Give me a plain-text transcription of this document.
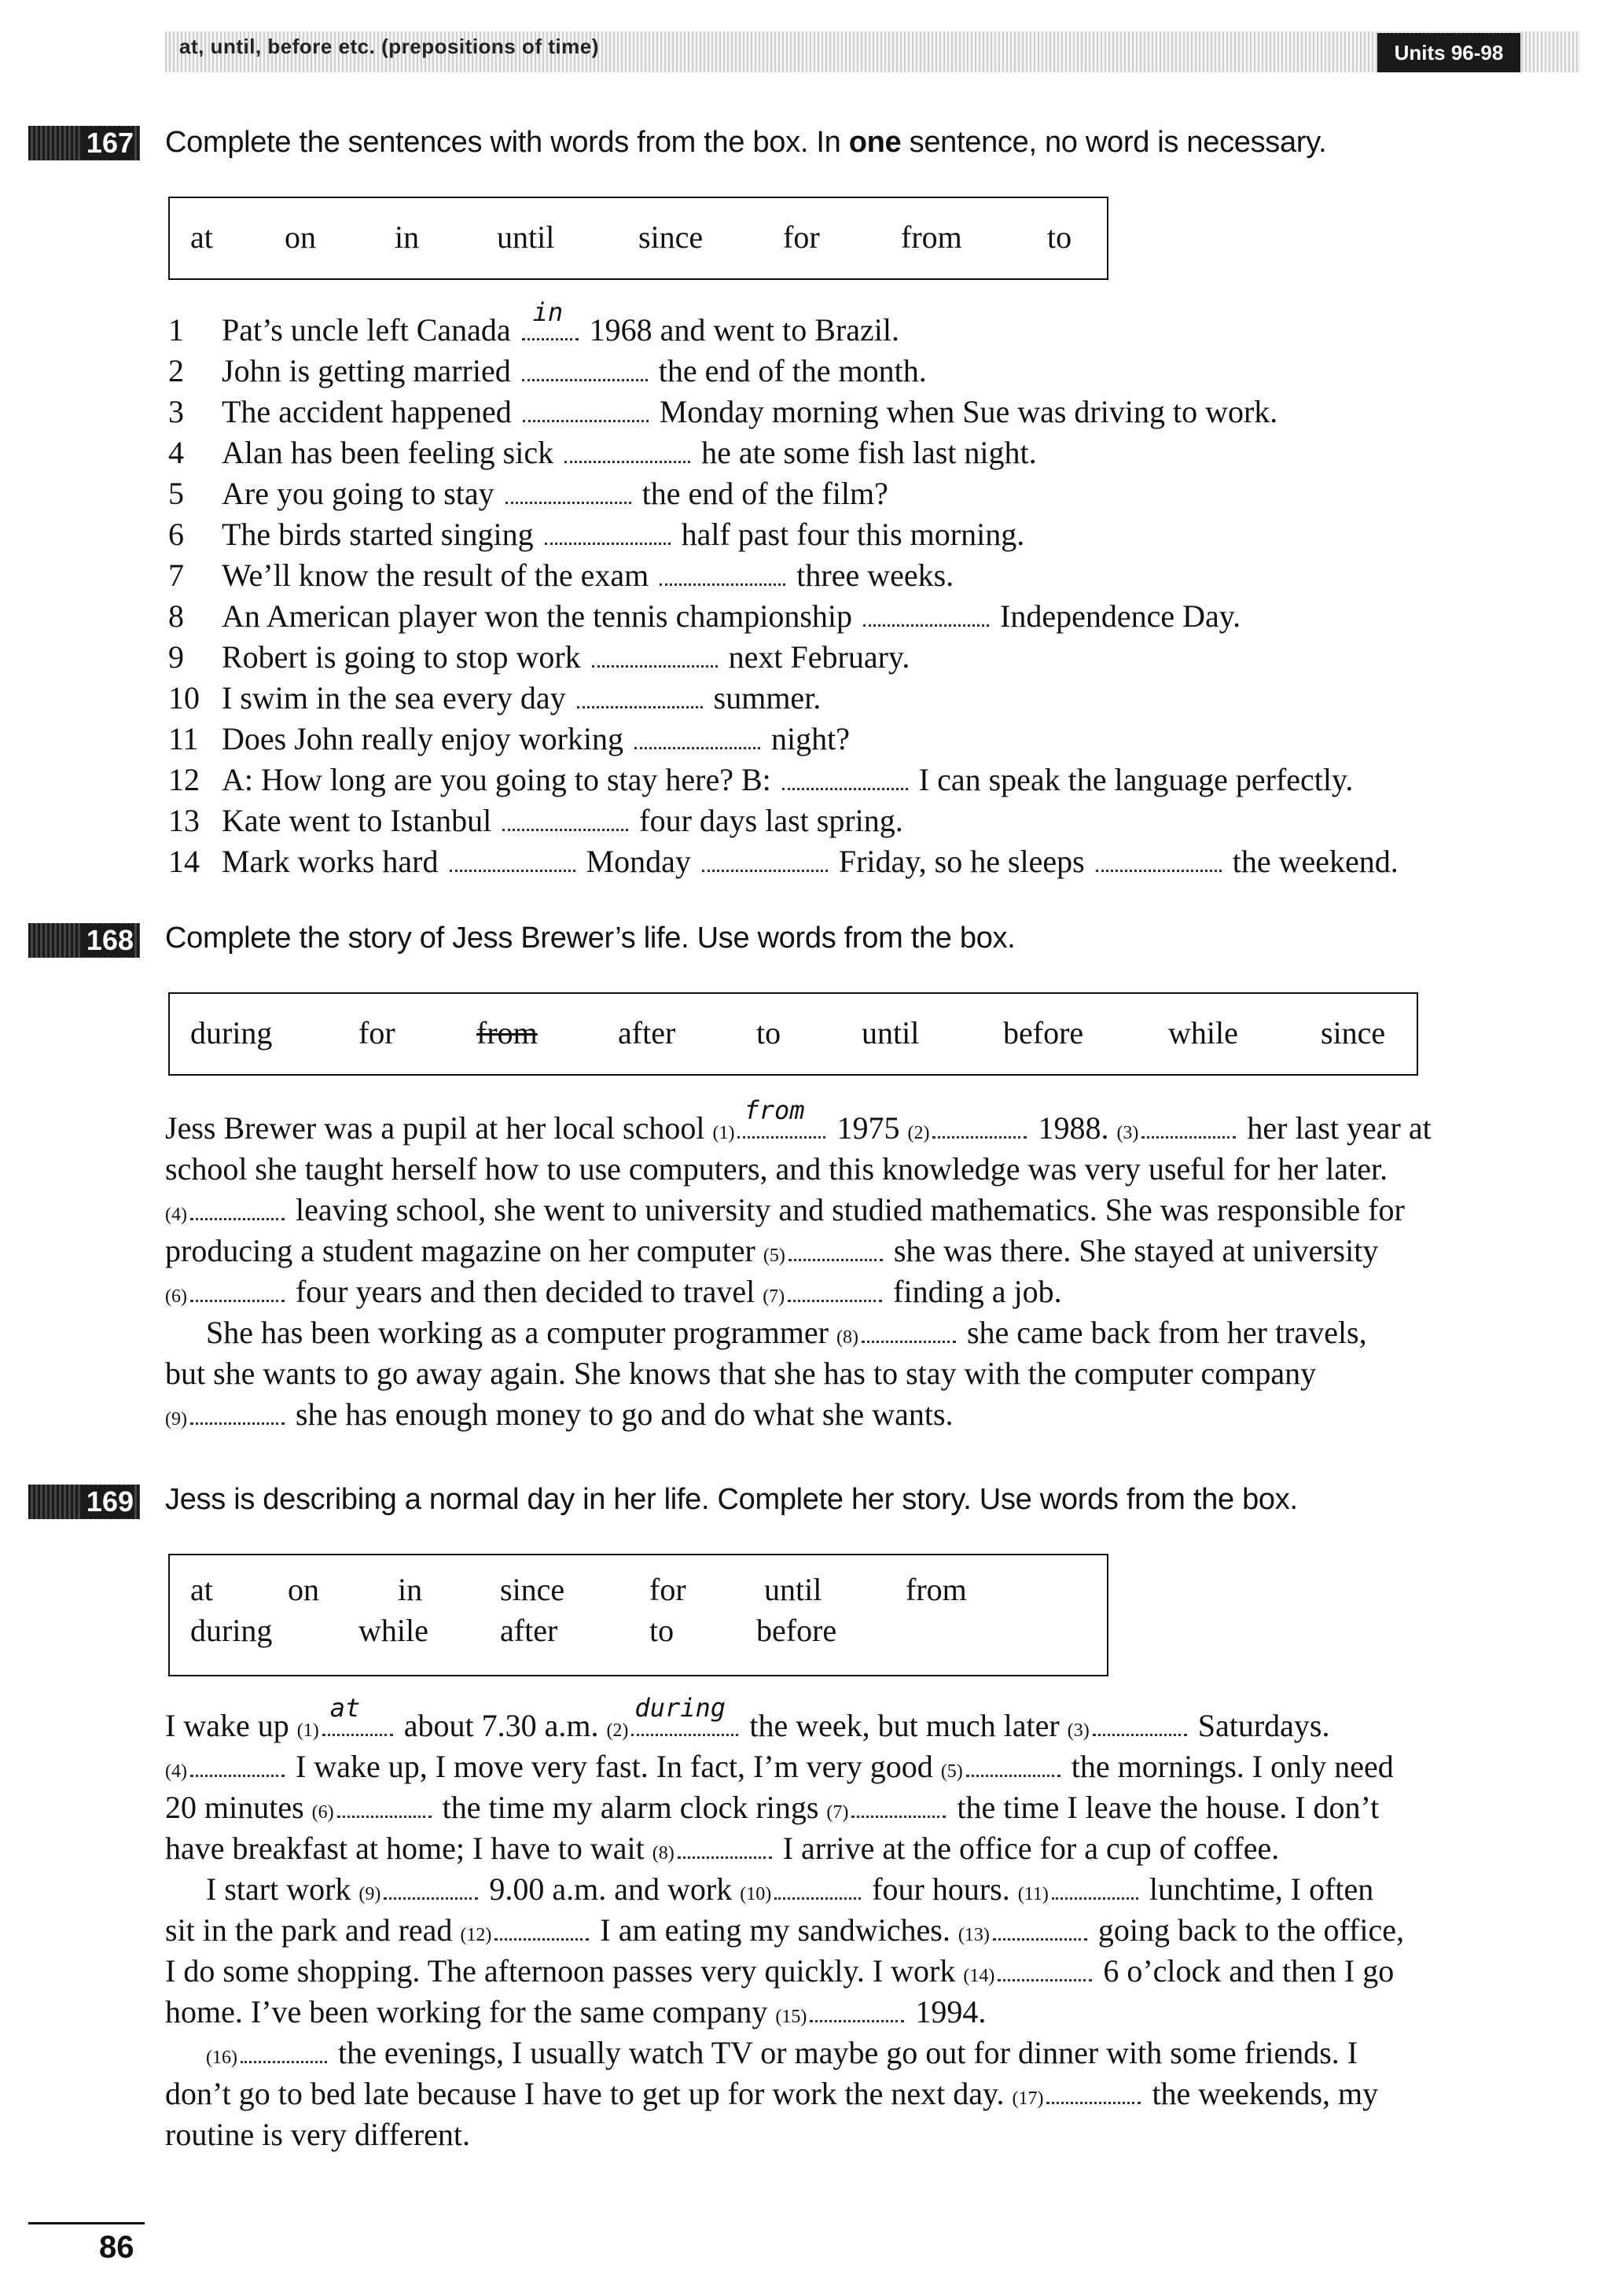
at, until, before etc. (prepositions of time)	Units 96-98
167 Complete the sentences with words from the box. In one sentence, no word is necessary.
at on	in until	since	for	from	to
1 Pat’s uncle left Canada in 1968 and went to Brazil.
2 John is getting married	the end of the month.
3 The accident happened	Monday morning when Sue was driving to work.
4 Alan has been feeling sick	he ate some fish last night.
5 Are you going to stay	the end of the film?
6 The birds started singing	half past four this morning.
7 We’ll know the result of the exam	three weeks.
8 An American player won the tennis championship	Independence Day.
9 Robert is going to stop work	next February.
10 I swim in the sea every day	summer.
11 Does John really enjoy working	night?
12 A: How long are you going to stay here? B:	I can speak the language perfectly.
13 Kate went to Istanbul	four days last spring.
14 Mark works hard	Monday	Friday, so he sleeps	the weekend.
168 Complete the story of Jess Brewer’s life. Use words from the box.
during	for	from	after	to	until	before	while	since
Jess Brewer was a pupil at her local school (1)
from 1975 (2)	1988. (3)	her last year at
school she taught herself how to use computers, and this knowledge was very useful for her later.
(4)	leaving school, she went to university and studied mathematics. She was responsible for
producing a student magazine on her computer (5)	she was there. She stayed at university
(6)	four years and then decided to travel (7)	finding a job.
She has been working as a computer programmer (8)	she came back from her travels,
but she wants to go away again. She knows that she has to stay with the computer company
(9)	she has enough money to go and do what she wants.
169 Jess is describing a normal day in her life. Complete her story. Use words from the box.
at on	in since	for until	from
during	while after	to	before
I wake up (1)
at about 7.30 a.m. (2)
during the week, but much later (3)	Saturdays.
(4)	I wake up, I move very fast. In fact, I’m very good (5)	the mornings. I only need
20 minutes (6)	the time my alarm clock rings (7)	the time I leave the house. I don’t
have breakfast at home; I have to wait (8)	I arrive at the office for a cup of coffee.
I start work (9)	9.00 a.m. and work (10)	four hours. (11)	lunchtime, I often
sit in the park and read (12)	I am eating my sandwiches. (13)	going back to the office,
I do some shopping. The afternoon passes very quickly. I work (14)	6 o’clock and then I go
home. I’ve been working for the same company (15)	1994.
(16)	the evenings, I usually watch TV or maybe go out for dinner with some friends. I
don’t go to bed late because I have to get up for work the next day. (17)	the weekends, my
routine is very different.
86
